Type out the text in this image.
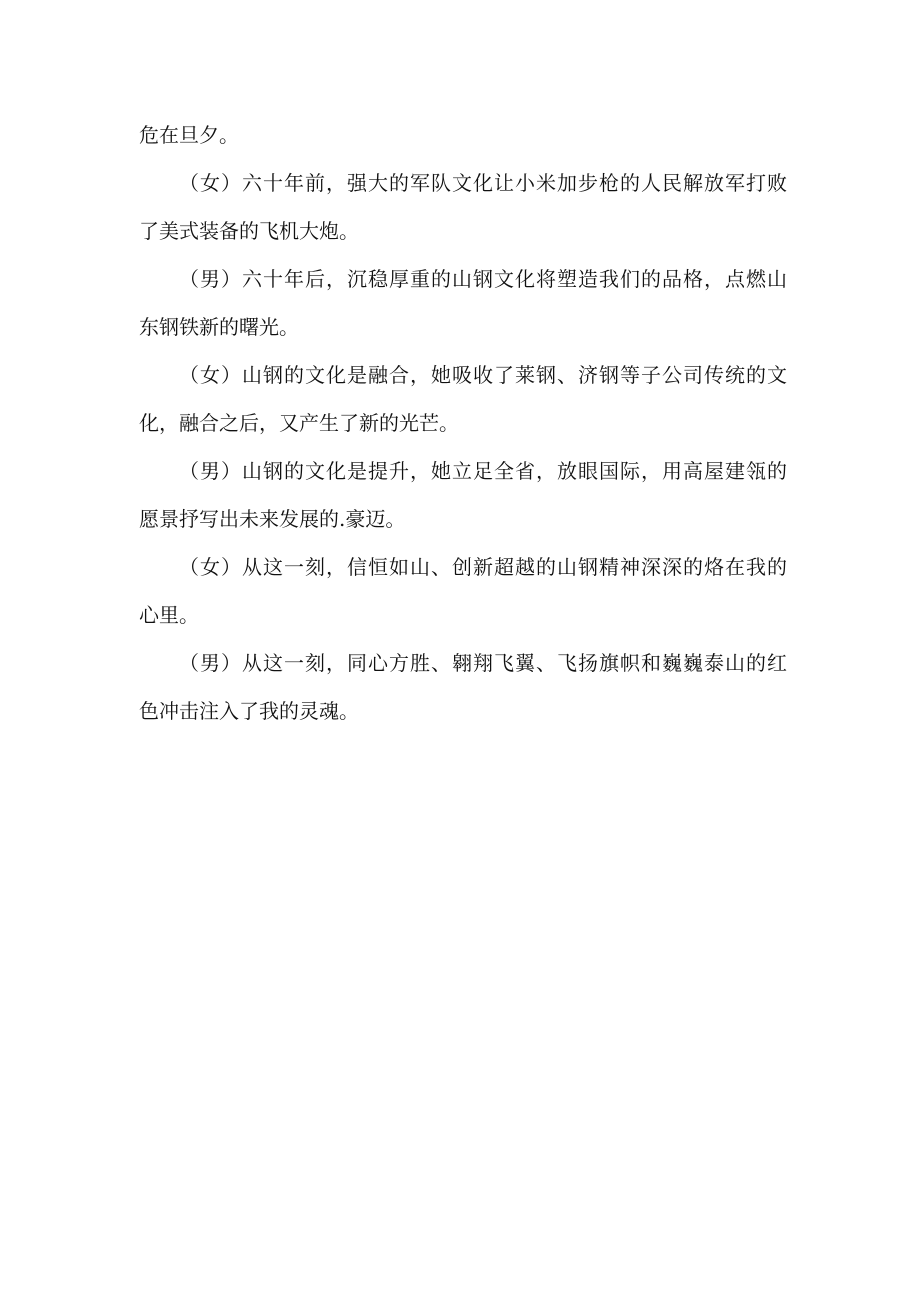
危在旦夕。
（女）六十年前，强大的军队文化让小米加步枪的人民解放军打败
了美式装备的飞机大炮。
（男）六十年后，沉稳厚重的山钢文化将塑造我们的品格，点燃山
东钢铁新的曙光。
（女）山钢的文化是融合，她吸收了莱钢、济钢等子公司传统的文
化，融合之后，又产生了新的光芒。
（男）山钢的文化是提升，她立足全省，放眼国际，用高屋建瓴的
愿景抒写出未来发展的.豪迈。
（女）从这一刻，信恒如山、创新超越的山钢精神深深的烙在我的
心里。
（男）从这一刻，同心方胜、翱翔飞翼、飞扬旗帜和巍巍泰山的红
色冲击注入了我的灵魂。
